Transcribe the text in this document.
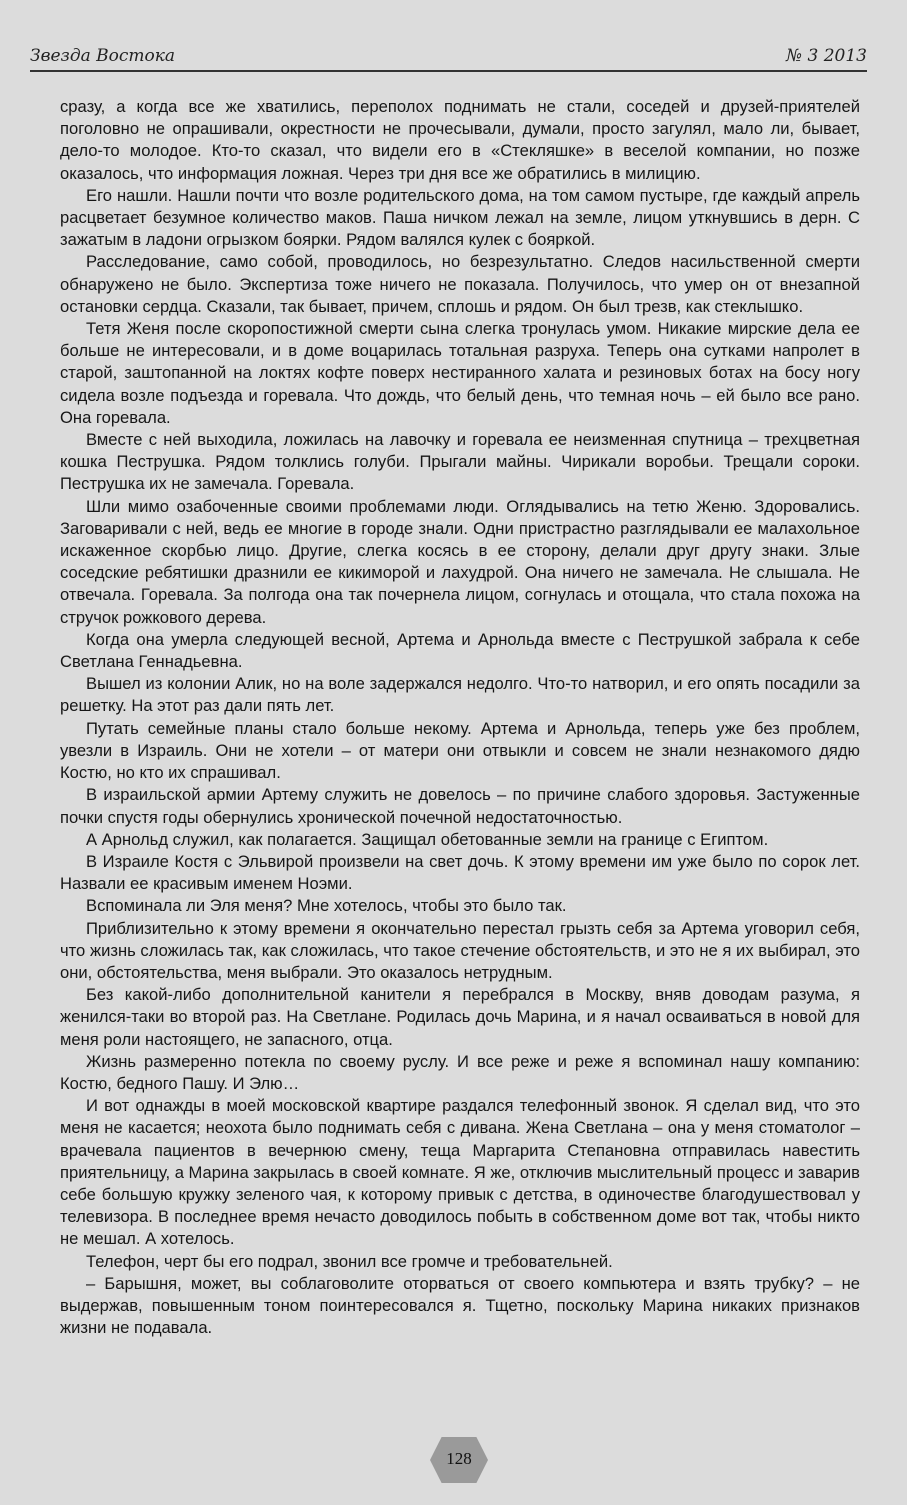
Звезда Востока	№ 3 2013

сразу, а когда все же хватились, переполох поднимать не стали, соседей и друзей-приятелей поголовно не опрашивали, окрестности не прочесывали, думали, просто загулял, мало ли, бывает, дело-то молодое. Кто-то сказал, что видели его в «Стекляшке» в веселой компании, но позже оказалось, что информация ложная. Через три дня все же обратились в милицию.

Его нашли. Нашли почти что возле родительского дома, на том самом пустыре, где каждый апрель расцветает безумное количество маков. Паша ничком лежал на земле, лицом уткнувшись в дерн. С зажатым в ладони огрызком боярки. Рядом валялся кулек с бояркой.

Расследование, само собой, проводилось, но безрезультатно. Следов насильственной смерти обнаружено не было. Экспертиза тоже ничего не показала. Получилось, что умер он от внезапной остановки сердца. Сказали, так бывает, причем, сплошь и рядом. Он был трезв, как стеклышко.

Тетя Женя после скоропостижной смерти сына слегка тронулась умом. Никакие мирские дела ее больше не интересовали, и в доме воцарилась тотальная разруха. Теперь она сутками напролет в старой, заштопанной на локтях кофте поверх нестиранного халата и резиновых ботах на босу ногу сидела возле подъезда и горевала. Что дождь, что белый день, что темная ночь – ей было все рано. Она горевала.

Вместе с ней выходила, ложилась на лавочку и горевала ее неизменная спутница – трехцветная кошка Пеструшка. Рядом толклись голуби. Прыгали майны. Чирикали воробьи. Трещали сороки. Пеструшка их не замечала. Горевала.

Шли мимо озабоченные своими проблемами люди. Оглядывались на тетю Женю. Здоровались. Заговаривали с ней, ведь ее многие в городе знали. Одни пристрастно разглядывали ее малахольное искаженное скорбью лицо. Другие, слегка косясь в ее сторону, делали друг другу знаки. Злые соседские ребятишки дразнили ее кикиморой и лахудрой. Она ничего не замечала. Не слышала. Не отвечала. Горевала. За полгода она так почернела лицом, согнулась и отощала, что стала похожа на стручок рожкового дерева.

Когда она умерла следующей весной, Артема и Арнольда вместе с Пеструшкой забрала к себе Светлана Геннадьевна.

Вышел из колонии Алик, но на воле задержался недолго. Что-то натворил, и его опять посадили за решетку. На этот раз дали пять лет.

Путать семейные планы стало больше некому. Артема и Арнольда, теперь уже без проблем, увезли в Израиль. Они не хотели – от матери они отвыкли и совсем не знали незнакомого дядю Костю, но кто их спрашивал.

В израильской армии Артему служить не довелось – по причине слабого здоровья. Застуженные почки спустя годы обернулись хронической почечной недостаточностью.

А Арнольд служил, как полагается. Защищал обетованные земли на границе с Египтом.

В Израиле Костя с Эльвирой произвели на свет дочь. К этому времени им уже было по сорок лет. Назвали ее красивым именем Ноэми.

Вспоминала ли Эля меня? Мне хотелось, чтобы это было так.

Приблизительно к этому времени я окончательно перестал грызть себя за Артема уговорил себя, что жизнь сложилась так, как сложилась, что такое стечение обстоятельств, и это не я их выбирал, это они, обстоятельства, меня выбрали. Это оказалось нетрудным.

Без какой-либо дополнительной канители я перебрался в Москву, вняв доводам разума, я женился-таки во второй раз. На Светлане. Родилась дочь Марина, и я начал осваиваться в новой для меня роли настоящего, не запасного, отца.

Жизнь размеренно потекла по своему руслу. И все реже и реже я вспоминал нашу компанию: Костю, бедного Пашу. И Элю…

И вот однажды в моей московской квартире раздался телефонный звонок. Я сделал вид, что это меня не касается; неохота было поднимать себя с дивана. Жена Светлана – она у меня стоматолог – врачевала пациентов в вечернюю смену, теща Маргарита Степановна отправилась навестить приятельницу, а Марина закрылась в своей комнате. Я же, отключив мыслительный процесс и заварив себе большую кружку зеленого чая, к которому привык с детства, в одиночестве благодушествовал у телевизора. В последнее время нечасто доводилось побыть в собственном доме вот так, чтобы никто не мешал. А хотелось.

Телефон, черт бы его подрал, звонил все громче и требовательней.

– Барышня, может, вы соблаговолите оторваться от своего компьютера и взять трубку? – не выдержав, повышенным тоном поинтересовался я. Тщетно, поскольку Марина никаких признаков жизни не подавала.

128
